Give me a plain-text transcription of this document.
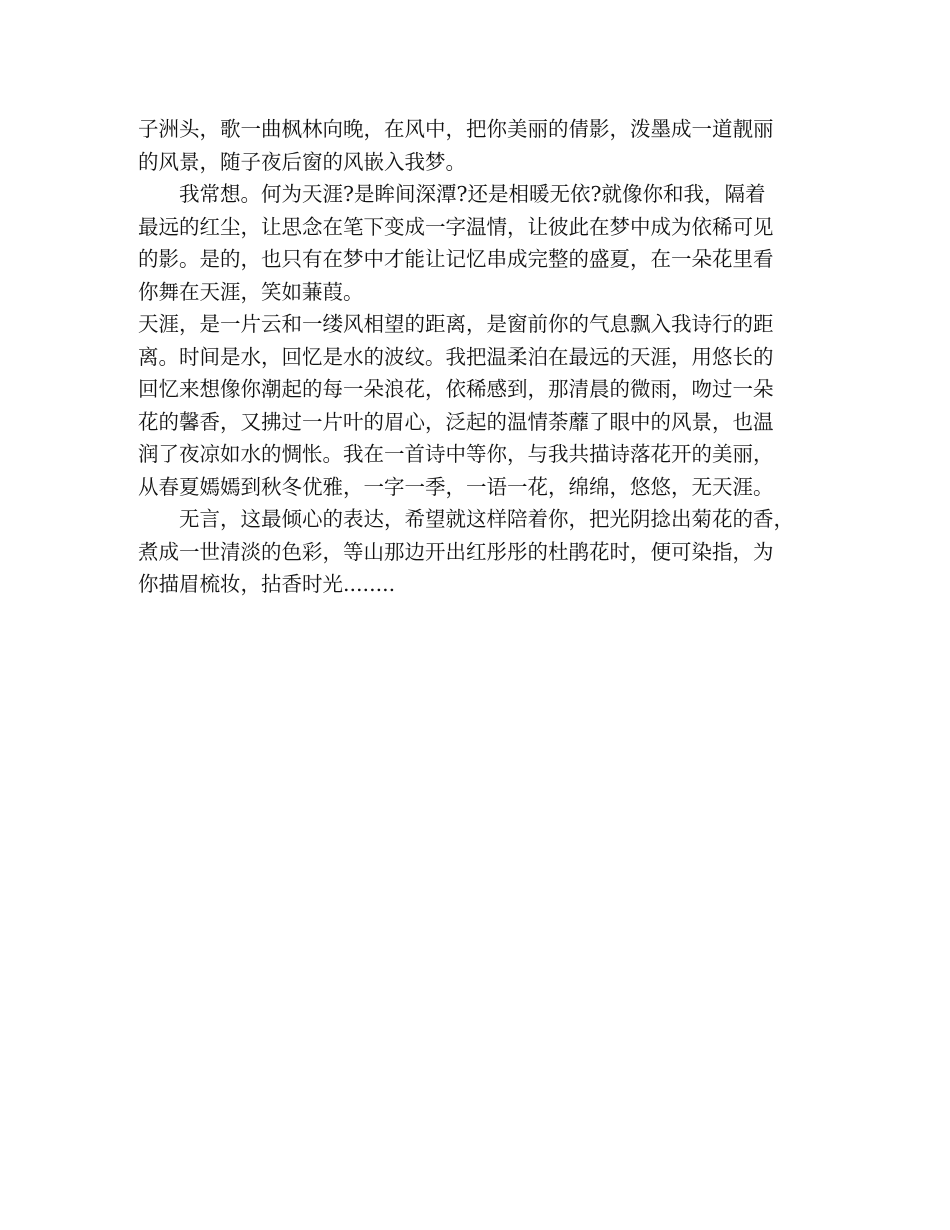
子洲头，歌一曲枫林向晚，在风中，把你美丽的倩影，泼墨成一道靓丽
的风景，随子夜后窗的风嵌入我梦。
我常想。何为天涯?是眸间深潭?还是相暖无依?就像你和我，隔着
最远的红尘，让思念在笔下变成一字温情，让彼此在梦中成为依稀可见
的影。是的，也只有在梦中才能让记忆串成完整的盛夏，在一朵花里看
你舞在天涯，笑如蒹葭。
天涯，是一片云和一缕风相望的距离，是窗前你的气息飘入我诗行的距
离。时间是水，回忆是水的波纹。我把温柔泊在最远的天涯，用悠长的
回忆来想像你潮起的每一朵浪花，依稀感到，那清晨的微雨，吻过一朵
花的馨香，又拂过一片叶的眉心，泛起的温情荼蘼了眼中的风景，也温
润了夜凉如水的惆怅。我在一首诗中等你，与我共描诗落花开的美丽，
从春夏嫣嫣到秋冬优雅，一字一季，一语一花，绵绵，悠悠，无天涯。
无言，这最倾心的表达，希望就这样陪着你，把光阴捻出菊花的香，
煮成一世清淡的色彩，等山那边开出红彤彤的杜鹃花时，便可染指，为
你描眉梳妆，拈香时光........
